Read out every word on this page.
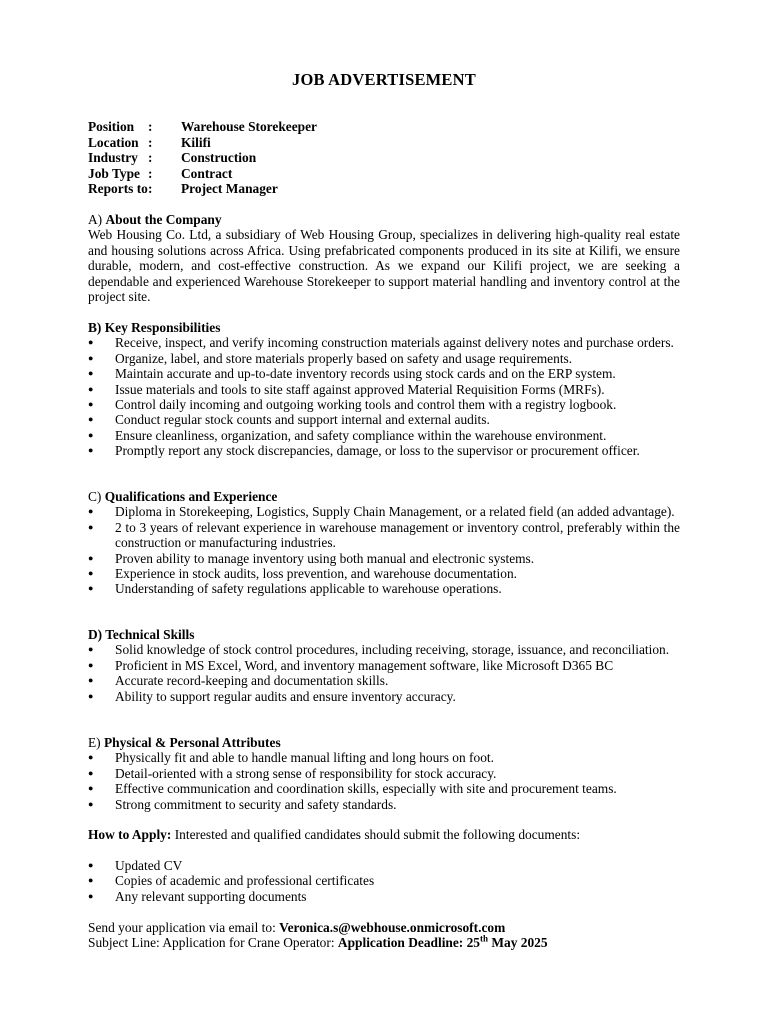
JOB ADVERTISEMENT
Position : Warehouse Storekeeper
Location : Kilifi
Industry : Construction
Job Type : Contract
Reports to: Project Manager
A) About the Company
Web Housing Co. Ltd, a subsidiary of Web Housing Group, specializes in delivering high-quality real estate and housing solutions across Africa. Using prefabricated components produced in its site at Kilifi, we ensure durable, modern, and cost-effective construction. As we expand our Kilifi project, we are seeking a dependable and experienced Warehouse Storekeeper to support material handling and inventory control at the project site.
B) Key Responsibilities
● Receive, inspect, and verify incoming construction materials against delivery notes and purchase orders.
● Organize, label, and store materials properly based on safety and usage requirements.
● Maintain accurate and up-to-date inventory records using stock cards and on the ERP system.
● Issue materials and tools to site staff against approved Material Requisition Forms (MRFs).
● Control daily incoming and outgoing working tools and control them with a registry logbook.
● Conduct regular stock counts and support internal and external audits.
● Ensure cleanliness, organization, and safety compliance within the warehouse environment.
● Promptly report any stock discrepancies, damage, or loss to the supervisor or procurement officer.
C) Qualifications and Experience
● Diploma in Storekeeping, Logistics, Supply Chain Management, or a related field (an added advantage).
● 2 to 3 years of relevant experience in warehouse management or inventory control, preferably within the construction or manufacturing industries.
● Proven ability to manage inventory using both manual and electronic systems.
● Experience in stock audits, loss prevention, and warehouse documentation.
● Understanding of safety regulations applicable to warehouse operations.
D) Technical Skills
● Solid knowledge of stock control procedures, including receiving, storage, issuance, and reconciliation.
● Proficient in MS Excel, Word, and inventory management software, like Microsoft D365 BC
● Accurate record-keeping and documentation skills.
● Ability to support regular audits and ensure inventory accuracy.
E) Physical & Personal Attributes
● Physically fit and able to handle manual lifting and long hours on foot.
● Detail-oriented with a strong sense of responsibility for stock accuracy.
● Effective communication and coordination skills, especially with site and procurement teams.
● Strong commitment to security and safety standards.
How to Apply: Interested and qualified candidates should submit the following documents:
● Updated CV
● Copies of academic and professional certificates
● Any relevant supporting documents
Send your application via email to: Veronica.s@webhouse.onmicrosoft.com
Subject Line: Application for Crane Operator: Application Deadline: 25th May 2025
